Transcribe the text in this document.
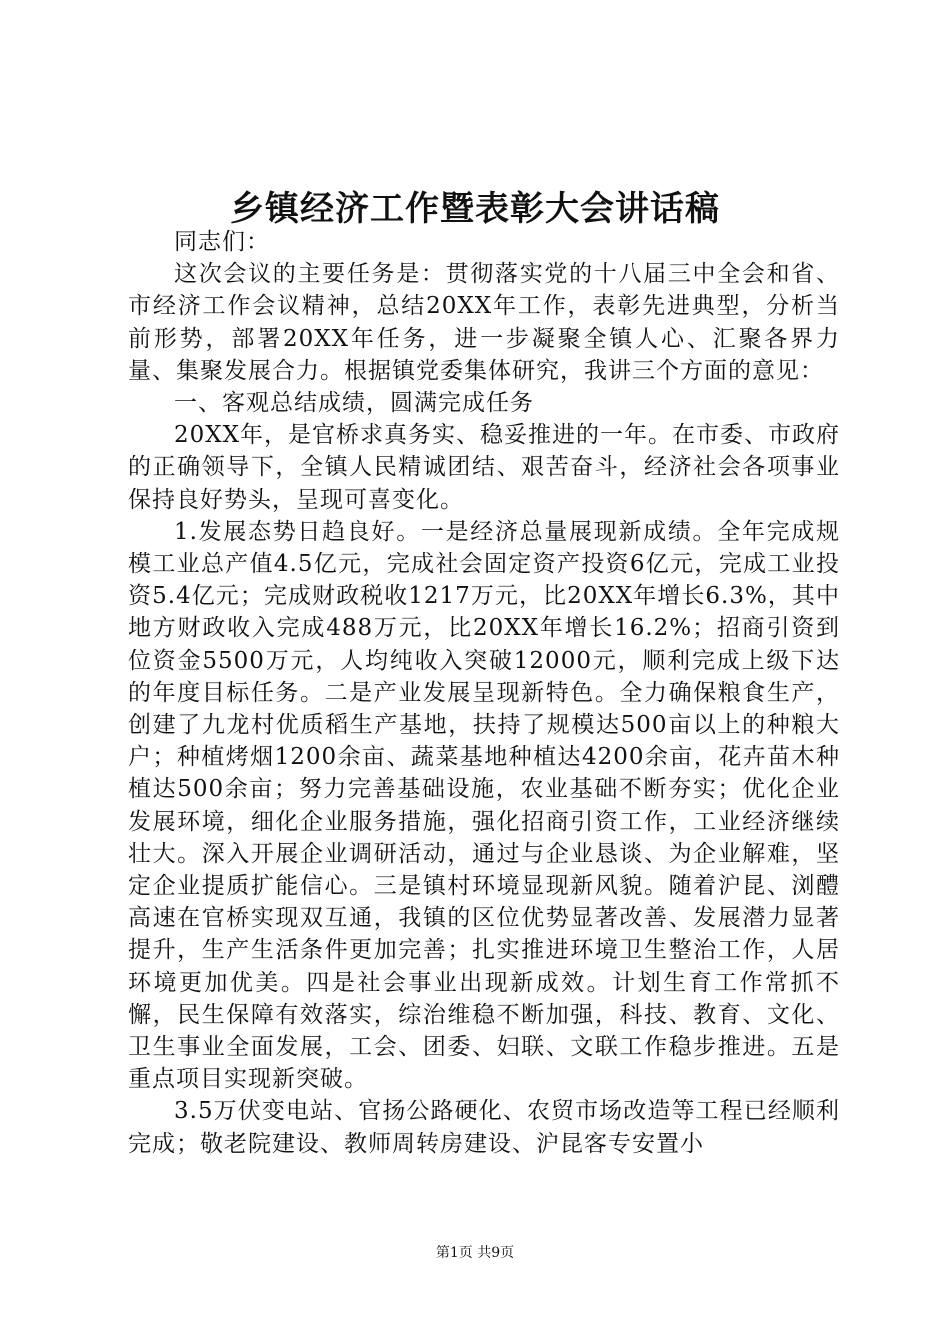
乡镇经济工作暨表彰大会讲话稿

同志们：

这次会议的主要任务是：贯彻落实党的十八届三中全会和省、市经济工作会议精神，总结20XX年工作，表彰先进典型，分析当前形势，部署20XX年任务，进一步凝聚全镇人心、汇聚各界力量、集聚发展合力。根据镇党委集体研究，我讲三个方面的意见：

一、客观总结成绩，圆满完成任务

20XX年，是官桥求真务实、稳妥推进的一年。在市委、市政府的正确领导下，全镇人民精诚团结、艰苦奋斗，经济社会各项事业保持良好势头，呈现可喜变化。

1.发展态势日趋良好。一是经济总量展现新成绩。全年完成规模工业总产值4.5亿元，完成社会固定资产投资6亿元，完成工业投资5.4亿元；完成财政税收1217万元，比20XX年增长6.3%，其中地方财政收入完成488万元，比20XX年增长16.2%；招商引资到位资金5500万元，人均纯收入突破12000元，顺利完成上级下达的年度目标任务。二是产业发展呈现新特色。全力确保粮食生产，创建了九龙村优质稻生产基地，扶持了规模达500亩以上的种粮大户；种植烤烟1200余亩、蔬菜基地种植达4200余亩，花卉苗木种植达500余亩；努力完善基础设施，农业基础不断夯实；优化企业发展环境，细化企业服务措施，强化招商引资工作，工业经济继续壮大。深入开展企业调研活动，通过与企业恳谈、为企业解难，坚定企业提质扩能信心。三是镇村环境显现新风貌。随着沪昆、浏醴高速在官桥实现双互通，我镇的区位优势显著改善、发展潜力显著提升，生产生活条件更加完善；扎实推进环境卫生整治工作，人居环境更加优美。四是社会事业出现新成效。计划生育工作常抓不懈，民生保障有效落实，综治维稳不断加强，科技、教育、文化、卫生事业全面发展，工会、团委、妇联、文联工作稳步推进。五是重点项目实现新突破。

3.5万伏变电站、官扬公路硬化、农贸市场改造等工程已经顺利完成；敬老院建设、教师周转房建设、沪昆客专安置小

第1页 共9页
